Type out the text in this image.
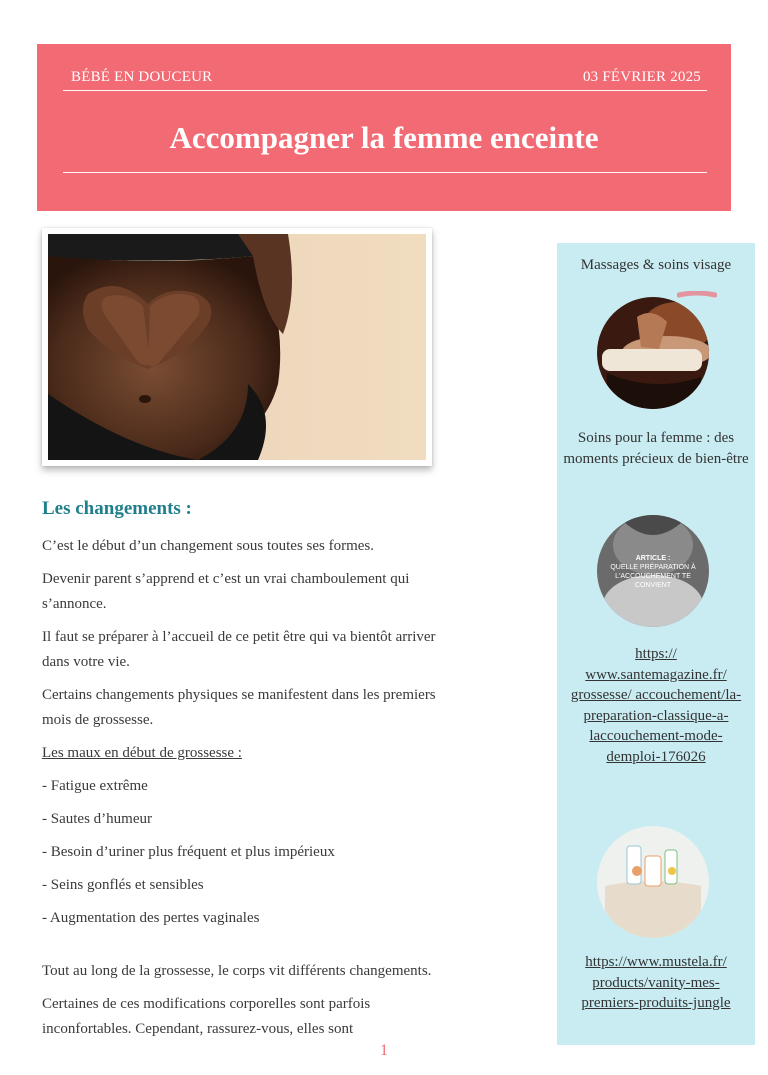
BÉBÉ EN DOUCEUR	03 FÉVRIER 2025
Accompagner la femme enceinte
Les changements :

C’est le début d’un changement sous toutes ses formes.

Devenir parent s’apprend et c’est un vrai chamboulement qui s’annonce.

Il faut se préparer à l’accueil de ce petit être qui va bientôt arriver dans votre vie.

Certains changements physiques se manifestent dans les premiers mois de grossesse.

Les maux en début de grossesse :

- Fatigue extrême

- Sautes d’humeur

- Besoin d’uriner plus fréquent et plus impérieux

- Seins gonflés et sensibles

- Augmentation des pertes vaginales

Tout au long de la grossesse, le corps vit différents changements.

Certaines de ces modifications corporelles sont parfois inconfortables. Cependant, rassurez-vous, elles sont

Massages & soins visage
Soins pour la femme : des moments précieux de bien-être
ARTICLE :
QUELLE PRÉPARATION À
L'ACCOUCHEMENT TE CONVIENT
https:// www.santemagazine.fr/ grossesse/ accouchement/la- preparation-classique-a- laccouchement-mode- demploi-176026
https://www.mustela.fr/ products/vanity-mes- premiers-produits-jungle
1
